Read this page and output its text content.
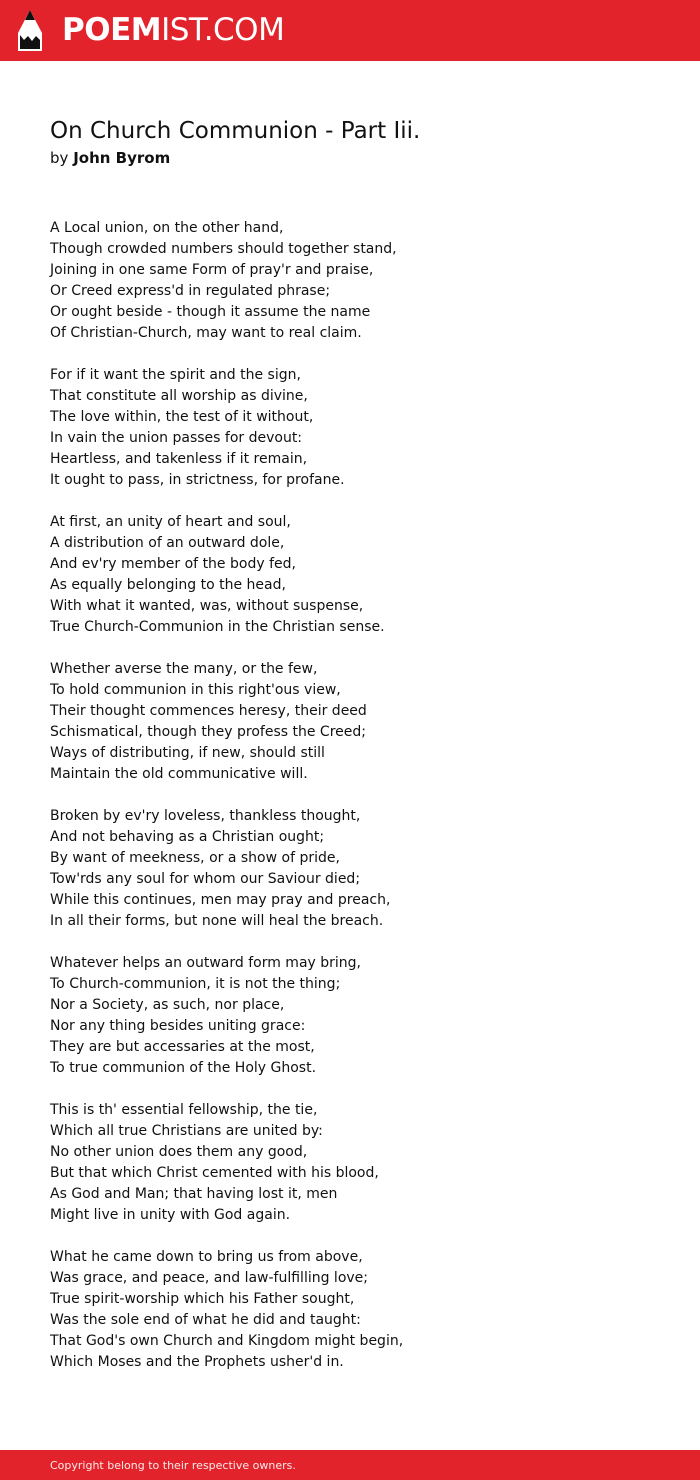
POEMIST.COM
On Church Communion - Part Iii.
by John Byrom
A Local union, on the other hand,
Though crowded numbers should together stand,
Joining in one same Form of pray'r and praise,
Or Creed express'd in regulated phrase;
Or ought beside - though it assume the name
Of Christian-Church, may want to real claim.
For if it want the spirit and the sign,
That constitute all worship as divine,
The love within, the test of it without,
In vain the union passes for devout:
Heartless, and takenless if it remain,
It ought to pass, in strictness, for profane.
At first, an unity of heart and soul,
A distribution of an outward dole,
And ev'ry member of the body fed,
As equally belonging to the head,
With what it wanted, was, without suspense,
True Church-Communion in the Christian sense.
Whether averse the many, or the few,
To hold communion in this right'ous view,
Their thought commences heresy, their deed
Schismatical, though they profess the Creed;
Ways of distributing, if new, should still
Maintain the old communicative will.
Broken by ev'ry loveless, thankless thought,
And not behaving as a Christian ought;
By want of meekness, or a show of pride,
Tow'rds any soul for whom our Saviour died;
While this continues, men may pray and preach,
In all their forms, but none will heal the breach.
Whatever helps an outward form may bring,
To Church-communion, it is not the thing;
Nor a Society, as such, nor place,
Nor any thing besides uniting grace:
They are but accessaries at the most,
To true communion of the Holy Ghost.
This is th' essential fellowship, the tie,
Which all true Christians are united by:
No other union does them any good,
But that which Christ cemented with his blood,
As God and Man; that having lost it, men
Might live in unity with God again.
What he came down to bring us from above,
Was grace, and peace, and law-fulfilling love;
True spirit-worship which his Father sought,
Was the sole end of what he did and taught:
That God's own Church and Kingdom might begin,
Which Moses and the Prophets usher'd in.
Copyright belong to their respective owners.
